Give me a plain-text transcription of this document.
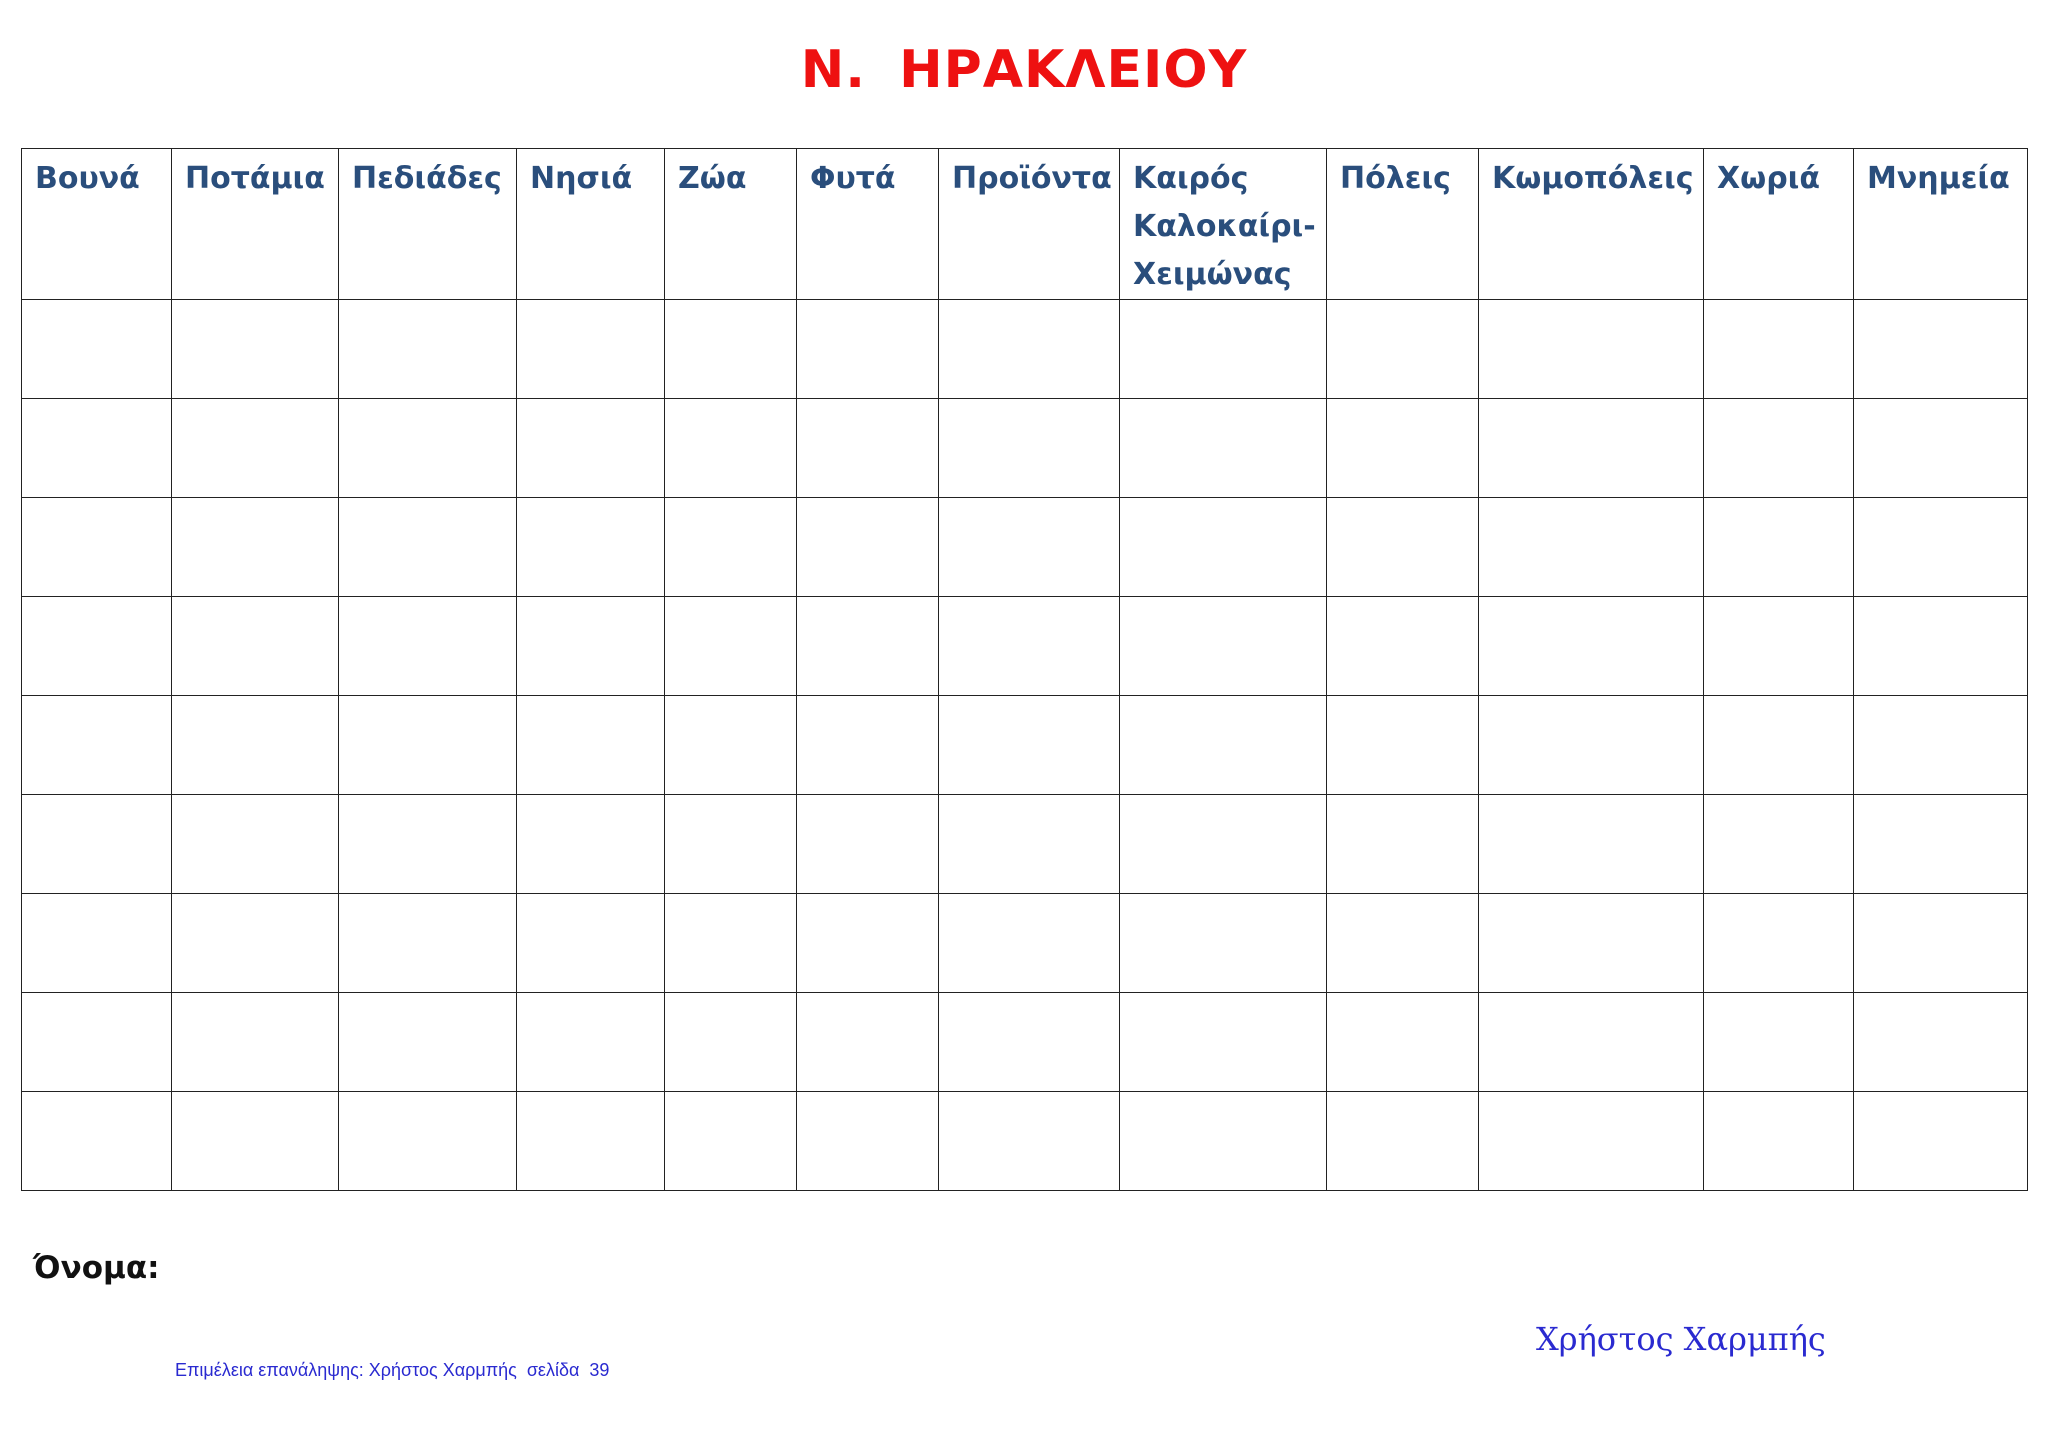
Ν. ΗΡΑΚΛΕΙΟΥ
Βουνά	Ποτάμια	Πεδιάδες	Νησιά	Ζώα	Φυτά	Προϊόντα	Καιρός
Καλοκαίρι-
Χειμώνας	Πόλεις	Κωμοπόλεις	Χωριά	Μνημεία

Όνομα:
Χρήστος Χαρμπής
Επιμέλεια επανάληψης: Χρήστος Χαρμπής  σελίδα  39
